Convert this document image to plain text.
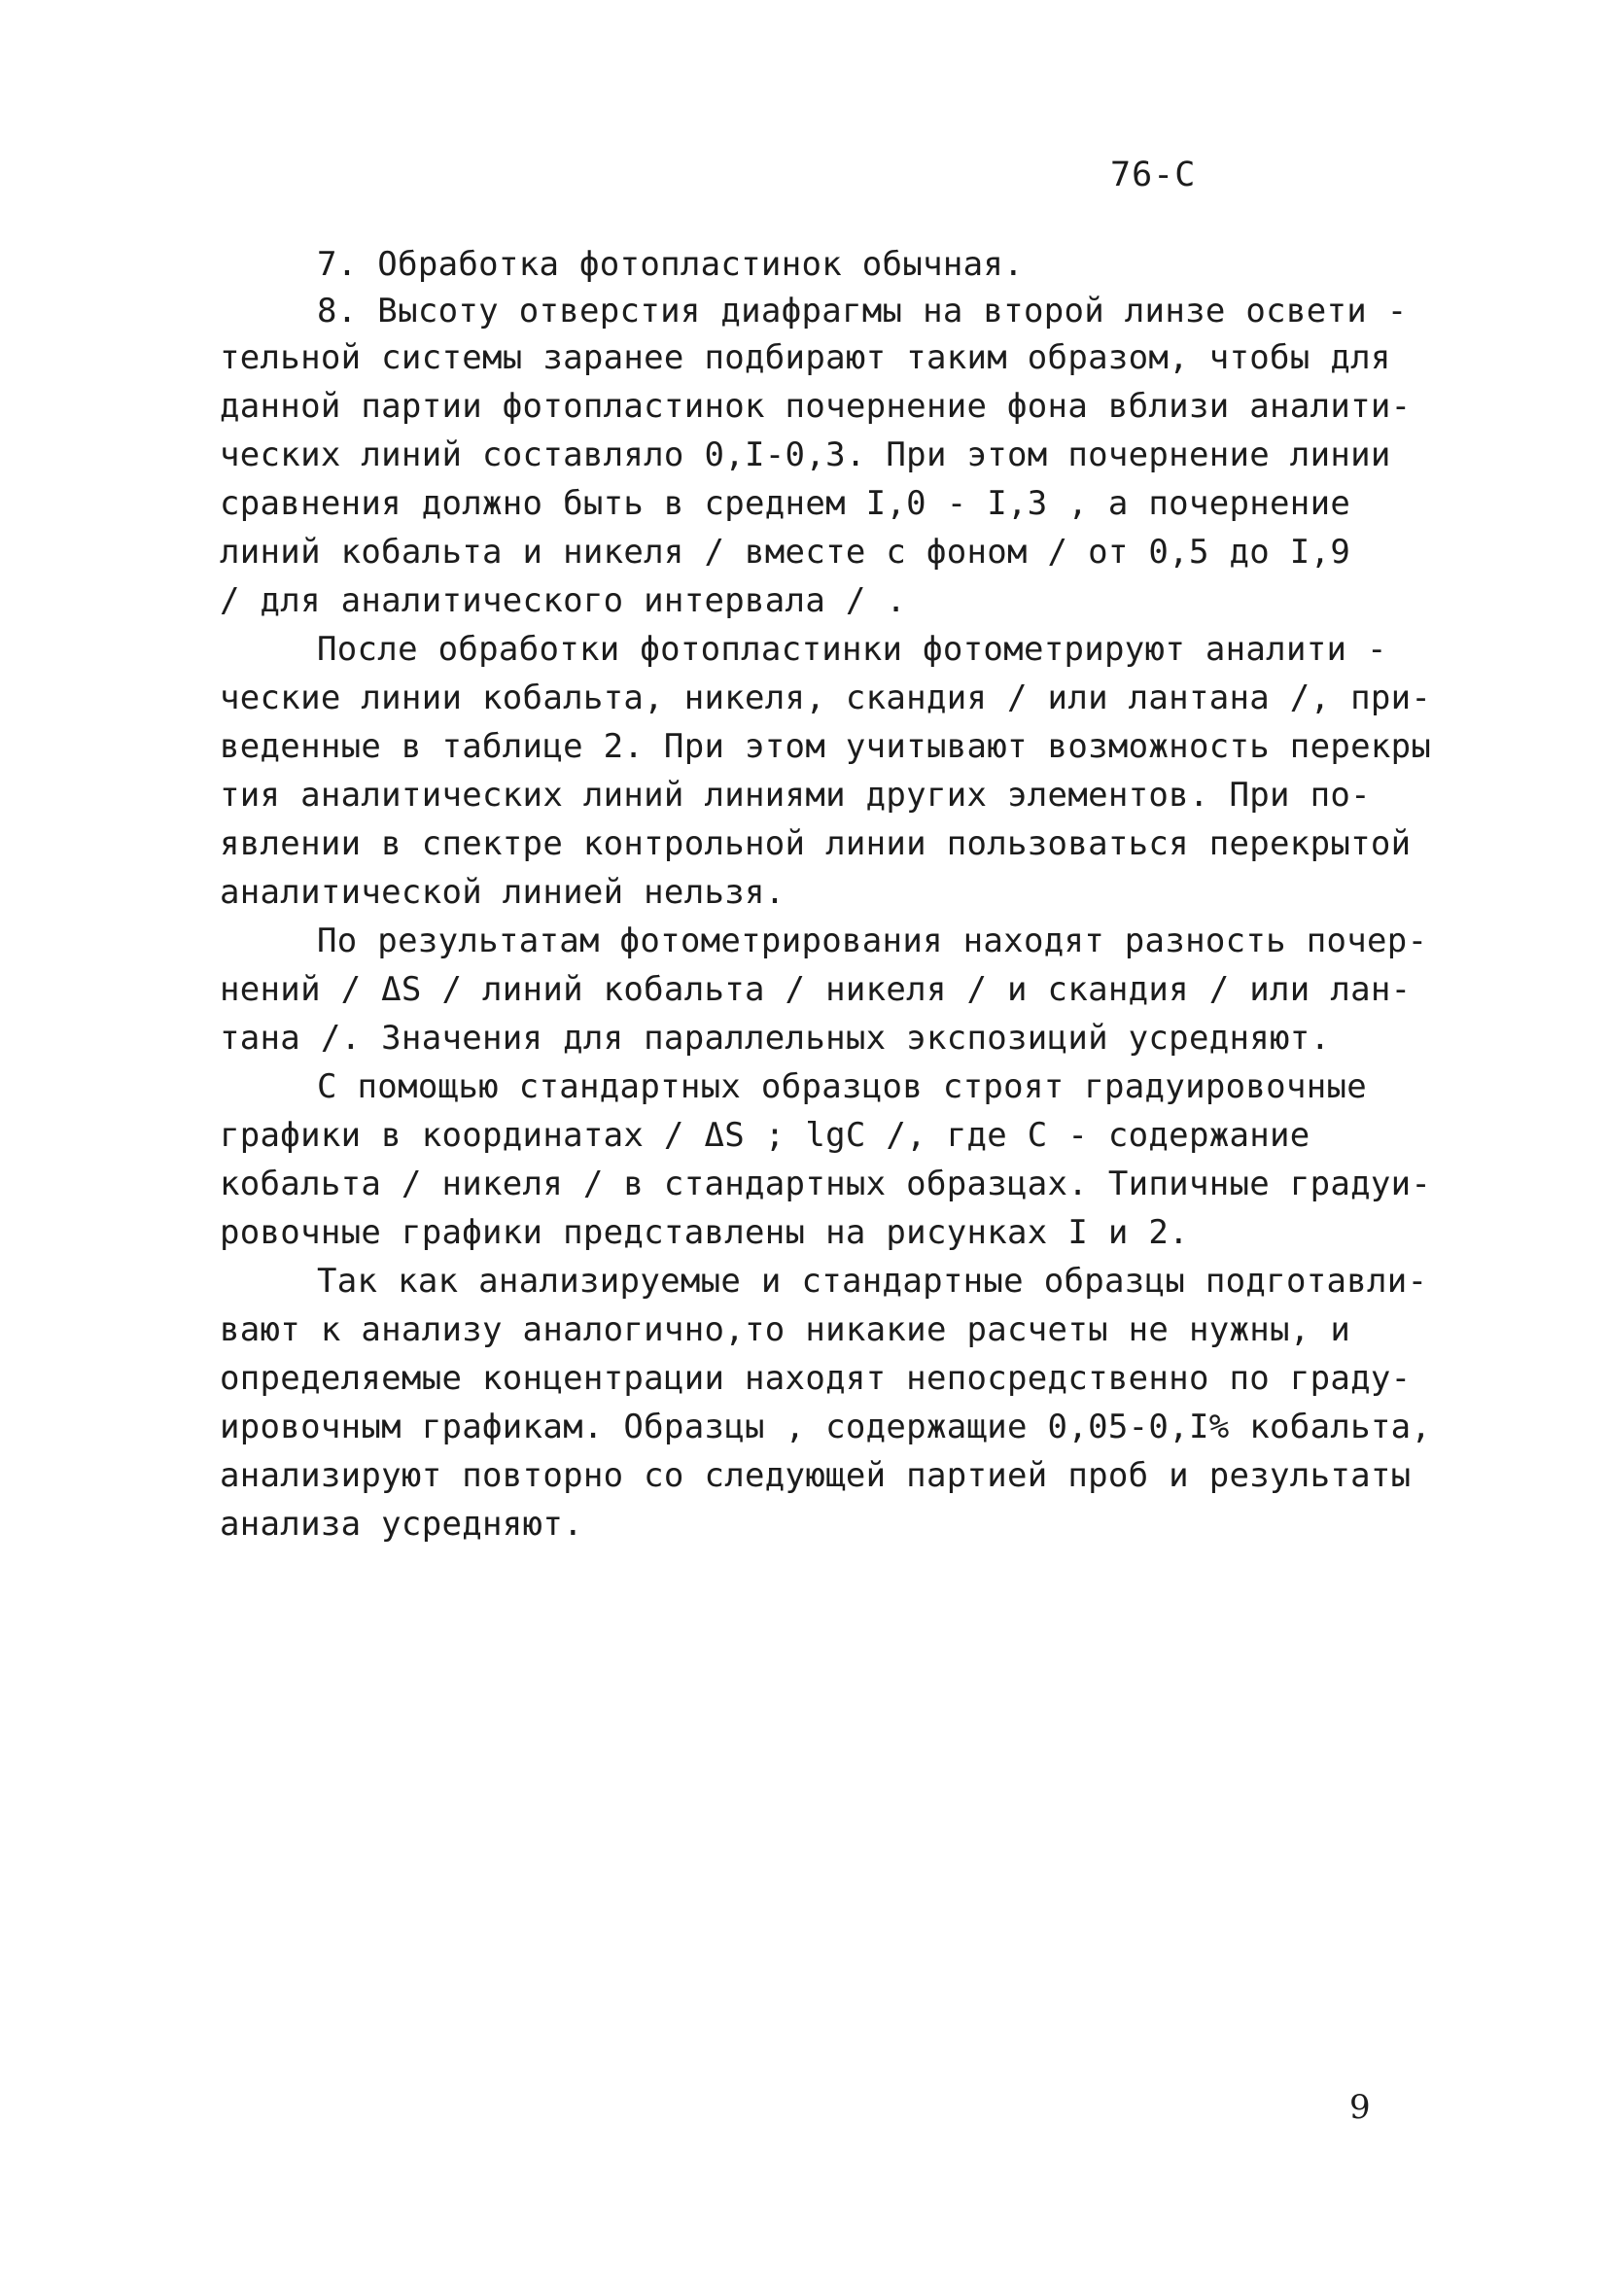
76-С
7. Обработка фотопластинок обычная.
8. Высоту отверстия диафрагмы на второй линзе освети -
тельной системы заранее подбирают таким образом, чтобы для
данной партии фотопластинок почернение фона вблизи аналити-
ческих линий составляло 0,I-0,3. При этом почернение линии
сравнения должно быть в среднем I,0 - I,3 , а почернение
линий кобальта и никеля / вместе с фоном / от 0,5 до I,9
/ для аналитического интервала / .
После обработки фотопластинки фотометрируют аналити -
ческие линии кобальта, никеля, скандия / или лантана /, при-
веденные в таблице 2. При этом учитывают возможность перекры
тия аналитических линий линиями других элементов. При по-
явлении в спектре контрольной линии пользоваться перекрытой
аналитической линией нельзя.
По результатам фотометрирования находят разность почер-
нений / ΔS / линий кобальта / никеля / и скандия / или лан-
тана /. Значения для параллельных экспозиций усредняют.
С помощью стандартных образцов строят градуировочные
графики в координатах / ΔS ; lgC /, где С - содержание
кобальта / никеля / в стандартных образцах. Типичные градуи-
ровочные графики представлены на рисунках I и 2.
Так как анализируемые и стандартные образцы подготавли-
вают к анализу аналогично,то никакие расчеты не нужны, и
определяемые концентрации находят непосредственно по граду-
ировочным графикам. Образцы , содержащие 0,05-0,I% кобальта,
анализируют повторно со следующей партией проб и результаты
анализа усредняют.
9
